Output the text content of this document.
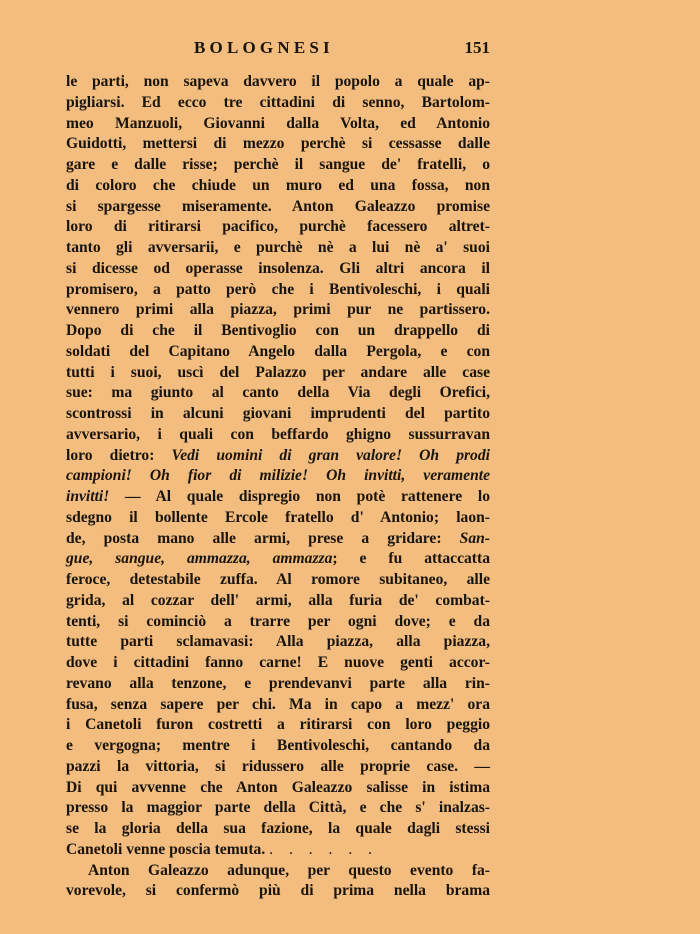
BOLOGNESI	151
le parti, non sapeva davvero il popolo a quale ap-
pigliarsi. Ed ecco tre cittadini di senno, Bartolom-
meo Manzuoli, Giovanni dalla Volta, ed Antonio
Guidotti, mettersi di mezzo perchè si cessasse dalle
gare e dalle risse; perchè il sangue de' fratelli, o
di coloro che chiude un muro ed una fossa, non
si spargesse miseramente. Anton Galeazzo promise
loro di ritirarsi pacifico, purchè facessero altret-
tanto gli avversarii, e purchè nè a lui nè a' suoi
si dicesse od operasse insolenza. Gli altri ancora il
promisero, a patto però che i Bentivoleschi, i quali
vennero primi alla piazza, primi pur ne partissero.
Dopo di che il Bentivoglio con un drappello di
soldati del Capitano Angelo dalla Pergola, e con
tutti i suoi, uscì del Palazzo per andare alle case
sue: ma giunto al canto della Via degli Orefici,
scontrossi in alcuni giovani imprudenti del partito
avversario, i quali con beffardo ghigno sussurravan
loro dietro: Vedi uomini di gran valore! Oh prodi
campioni! Oh fior di milizie! Oh invitti, veramente
invitti! — Al quale dispregio non potè rattenere lo
sdegno il bollente Ercole fratello d' Antonio; laon-
de, posta mano alle armi, prese a gridare: San-
gue, sangue, ammazza, ammazza; e fu attaccatta
feroce, detestabile zuffa. Al romore subitaneo, alle
grida, al cozzar dell' armi, alla furia de' combat-
tenti, si cominciò a trarre per ogni dove; e da
tutte parti sclamavasi: Alla piazza, alla piazza,
dove i cittadini fanno carne! E nuove genti accor-
revano alla tenzone, e prendevanvi parte alla rin-
fusa, senza sapere per chi. Ma in capo a mezz' ora
i Canetoli furon costretti a ritirarsi con loro peggio
e vergogna; mentre i Bentivoleschi, cantando da
pazzi la vittoria, si ridussero alle proprie case. —
Di qui avvenne che Anton Galeazzo salisse in istima
presso la maggior parte della Città, e che s' inalzas-
se la gloria della sua fazione, la quale dagli stessi
Canetoli venne poscia temuta. . . . . . .
Anton Galeazzo adunque, per questo evento fa-
vorevole, si confermò più di prima nella brama
